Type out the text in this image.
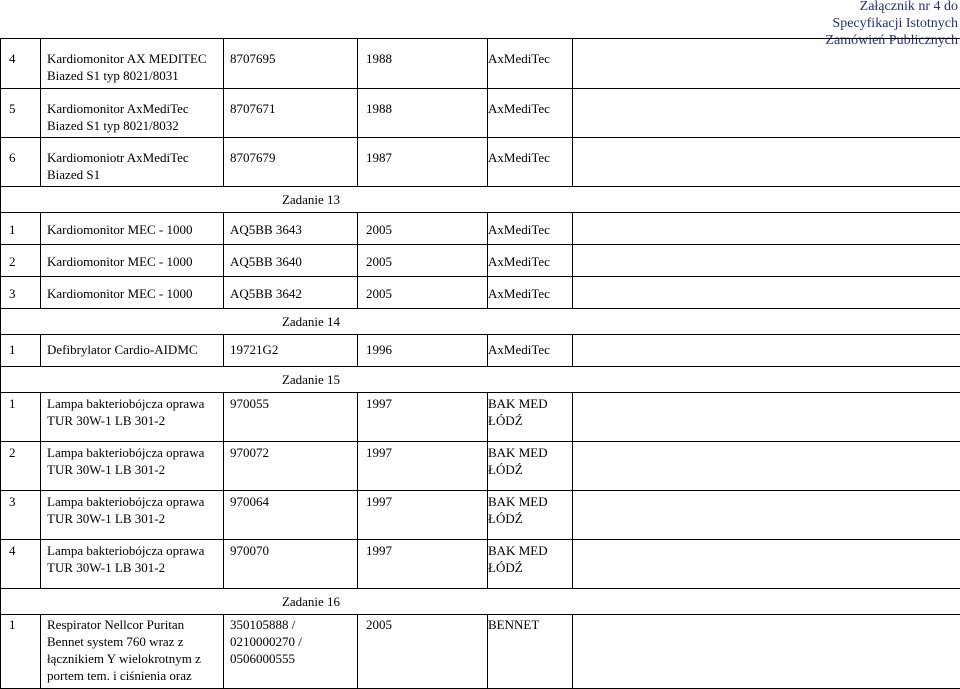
Załącznik nr 4 do
Specyfikacji Istotnych
Zamówień Publicznych
4	Kardiomonitor AX MEDITEC Biazed S1 typ 8021/8031	8707695	1988	AxMediTec	
5	Kardiomonitor AxMediTec Biazed S1 typ 8021/8032	8707671	1988	AxMediTec	
6	Kardiomoniotr AxMediTec Biazed S1	8707679	1987	AxMediTec	

Zadanie 13					

1	Kardiomonitor MEC - 1000	AQ5BB 3643	2005	AxMediTec	
2	Kardiomonitor MEC - 1000	AQ5BB 3640	2005	AxMediTec	
3	Kardiomonitor MEC - 1000	AQ5BB 3642	2005	AxMediTec	

Zadanie 14					

1	Defibrylator Cardio-AIDMC	19721G2	1996	AxMediTec	

Zadanie 15					

1	Lampa bakteriobójcza oprawa TUR 30W-1 LB 301-2	970055	1997	BAK MED ŁÓDŹ	
2	Lampa bakteriobójcza oprawa TUR 30W-1 LB 301-2	970072	1997	BAK MED ŁÓDŹ	
3	Lampa bakteriobójcza oprawa TUR 30W-1 LB 301-2	970064	1997	BAK MED ŁÓDŹ	
4	Lampa bakteriobójcza oprawa TUR 30W-1 LB 301-2	970070	1997	BAK MED ŁÓDŹ	

Zadanie 16					

1	Respirator Nellcor Puritan Bennet system 760 wraz z łącznikiem Y wielokrotnym z portem tem. i ciśnienia oraz	350105888 / 0210000270 / 0506000555	2005	BENNET	
